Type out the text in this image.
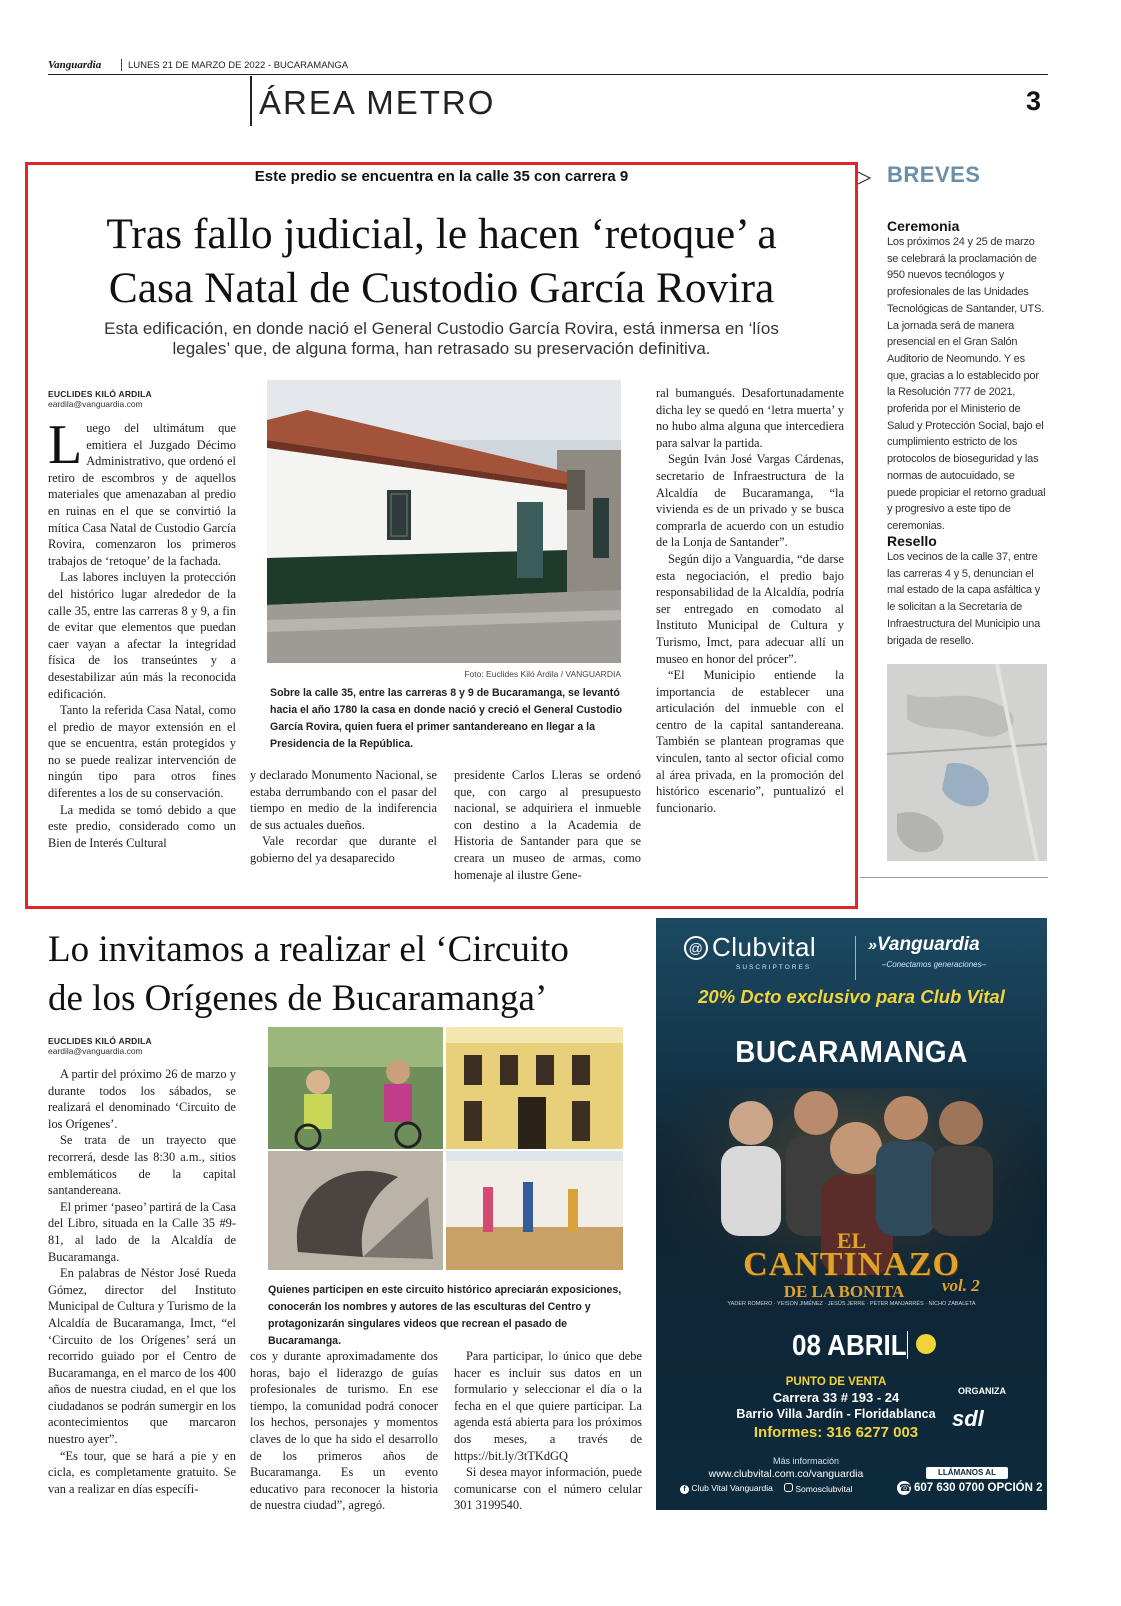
Vanguardia	LUNES 21 DE MARZO DE 2022 - BUCARAMANGA
ÁREA METRO	3
Este predio se encuentra en la calle 35 con carrera 9
Tras fallo judicial, le hacen ‘retoque’ a
Casa Natal de Custodio García Rovira
Esta edificación, en donde nació el General Custodio García Rovira, está inmersa en ‘líos
legales’ que, de alguna forma, han retrasado su preservación definitiva.
EUCLIDES KILÓ ARDILA
eardila@vanguardia.com

Luego del ultimátum que emitiera el Juzgado Décimo Administrativo, que ordenó el retiro de escombros y de aquellos materiales que amenazaban al predio en ruinas en el que se convirtió la mítica Casa Natal de Custodio García Rovira, comenzaron los primeros trabajos de ‘retoque’ de la fachada.

Las labores incluyen la protección del histórico lugar alrededor de la calle 35, entre las carreras 8 y 9, a fin de evitar que elementos que puedan caer vayan a afectar la integridad física de los transeúntes y a desestabilizar aún más la reconocida edificación.

Tanto la referida Casa Natal, como el predio de mayor extensión en el que se encuentra, están protegidos y no se puede realizar intervención de ningún tipo para otros fines diferentes a los de su conservación.

La medida se tomó debido a que este predio, considerado como un Bien de Interés Cultural

Foto: Euclides Kiló Ardila / VANGUARDIA
Sobre la calle 35, entre las carreras 8 y 9 de Bucaramanga, se levantó hacia el año 1780 la casa en donde nació y creció el General Custodio García Rovira, quien fuera el primer santandereano en llegar a la Presidencia de la República.

y declarado Monumento Nacional, se estaba derrumbando con el pasar del tiempo en medio de la indiferencia de sus actuales dueños.

Vale recordar que durante el gobierno del ya desaparecido

presidente Carlos Lleras se ordenó que, con cargo al presupuesto nacional, se adquiriera el inmueble con destino a la Academia de Historia de Santander para que se creara un museo de armas, como homenaje al ilustre Gene-

ral bumangués. Desafortunadamente dicha ley se quedó en ‘letra muerta’ y no hubo alma alguna que intercediera para salvar la partida.

Según Iván José Vargas Cárdenas, secretario de Infraestructura de la Alcaldía de Bucaramanga, “la vivienda es de un privado y se busca comprarla de acuerdo con un estudio de la Lonja de Santander”.

Según dijo a Vanguardia, “de darse esta negociación, el predio bajo responsabilidad de la Alcaldía, podría ser entregado en comodato al Instituto Municipal de Cultura y Turismo, Imct, para adecuar allí un museo en honor del prócer”.

“El Municipio entiende la importancia de establecer una articulación del inmueble con el centro de la capital santandereana. También se plantean programas que vinculen, tanto al sector oficial como al área privada, en la promoción del histórico escenario”, puntualizó el funcionario.

BREVES
Ceremonia
Los próximos 24 y 25 de marzo se celebrará la proclamación de 950 nuevos tecnólogos y profesionales de las Unidades Tecnológicas de Santander, UTS. La jornada será de manera presencial en el Gran Salón Auditorio de Neomundo. Y es que, gracias a lo establecido por la Resolución 777 de 2021, proferida por el Ministerio de Salud y Protección Social, bajo el cumplimiento estricto de los protocolos de bioseguridad y las normas de autocuidado, se puede propiciar el retorno gradual y progresivo a este tipo de ceremonias.
Resello
Los vecinos de la calle 37, entre las carreras 4 y 5, denuncian el mal estado de la capa asfáltica y le solicitan a la Secretaría de Infraestructura del Municipio una brigada de resello.
Lo invitamos a realizar el ‘Circuito
de los Orígenes de Bucaramanga’
EUCLIDES KILÓ ARDILA
eardila@vanguardia.com

A partir del próximo 26 de marzo y durante todos los sábados, se realizará el denominado ‘Circuito de los Orígenes’.

Se trata de un trayecto que recorrerá, desde las 8:30 a.m., sitios emblemáticos de la capital santandereana.

El primer ‘paseo’ partirá de la Casa del Libro, situada en la Calle 35 #9-81, al lado de la Alcaldía de Bucaramanga.

En palabras de Néstor José Rueda Gómez, director del Instituto Municipal de Cultura y Turismo de la Alcaldía de Bucaramanga, Imct, “el ‘Circuito de los Orígenes’ será un recorrido guiado por el Centro de Bucaramanga, en el marco de los 400 años de nuestra ciudad, en el que los ciudadanos se podrán sumergir en los acontecimientos que marcaron nuestro ayer”.

“Es tour, que se hará a pie y en cicla, es completamente gratuito. Se van a realizar en días específi-

Quienes participen en este circuito histórico apreciarán exposiciones, conocerán los nombres y autores de las esculturas del Centro y protagonizarán singulares videos que recrean el pasado de Bucaramanga.

cos y durante aproximadamente dos horas, bajo el liderazgo de guías profesionales de turismo. En ese tiempo, la comunidad podrá conocer los hechos, personajes y momentos claves de lo que ha sido el desarrollo de los primeros años de Bucaramanga. Es un evento educativo para reconocer la historia de nuestra ciudad”, agregó.

Para participar, lo único que debe hacer es incluir sus datos en un formulario y seleccionar el día o la fecha en el que quiere participar. La agenda está abierta para los próximos dos meses, a través de https://bit.ly/3tTKdGQ

Si desea mayor información, puede comunicarse con el número celular 301 3199540.

@ Clubvital
SUSCRIPTORES
»Vanguardia
–Conectamos generaciones–
20% Dcto exclusivo para Club Vital
BUCARAMANGA
EL
CANTINAZO
DE LA BONITA	vol. 2
YADER ROMERO · YEISON JIMÉNEZ · JESÚS JERRE · PETER MANJARRÉS · NICHO ZABALETA
08 ABRIL
PUNTO DE VENTA
Carrera 33 # 193 - 24
Barrio Villa Jardín - Floridablanca
Informes: 316 6277 003
ORGANIZA
sdl
Más información
www.clubvital.com.co/vanguardia
f Club Vital Vanguardia	Somosclubvital
LLÁMANOS AL
☎ 607 630 0700 OPCIÓN 2
